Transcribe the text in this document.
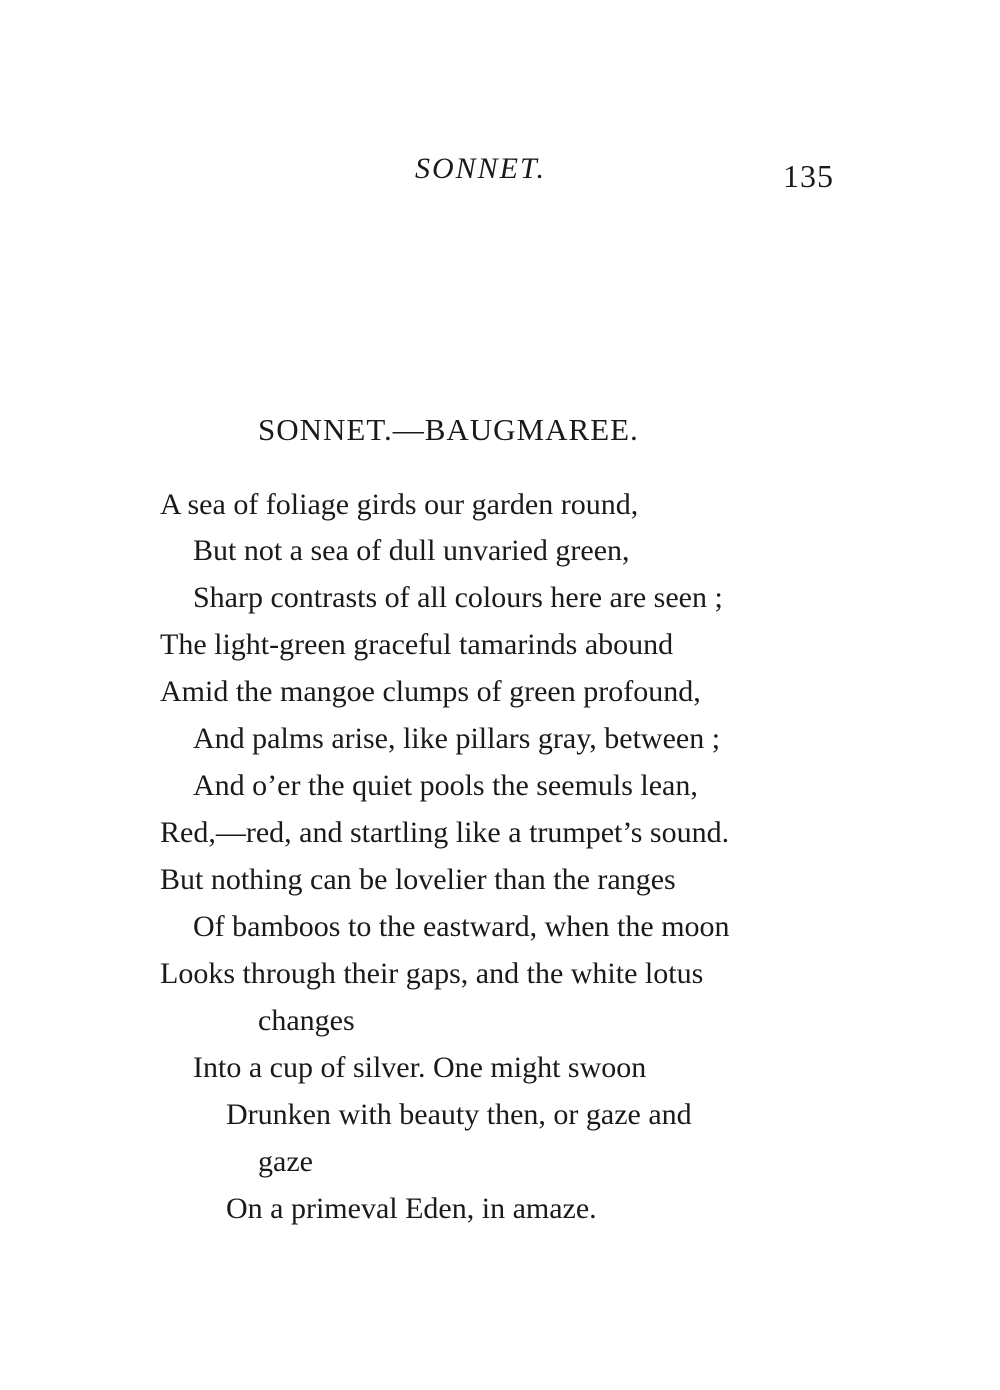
SONNET.	135
SONNET.—BAUGMAREE.
A sea of foliage girds our garden round,
But not a sea of dull unvaried green,
Sharp contrasts of all colours here are seen ;
The light-green graceful tamarinds abound
Amid the mangoe clumps of green profound,
And palms arise, like pillars gray, between ;
And o’er the quiet pools the seemuls lean,
Red,—red, and startling like a trumpet’s sound.
But nothing can be lovelier than the ranges
Of bamboos to the eastward, when the moon
Looks through their gaps, and the white lotus
changes
Into a cup of silver. One might swoon
Drunken with beauty then, or gaze and
gaze
On a primeval Eden, in amaze.
